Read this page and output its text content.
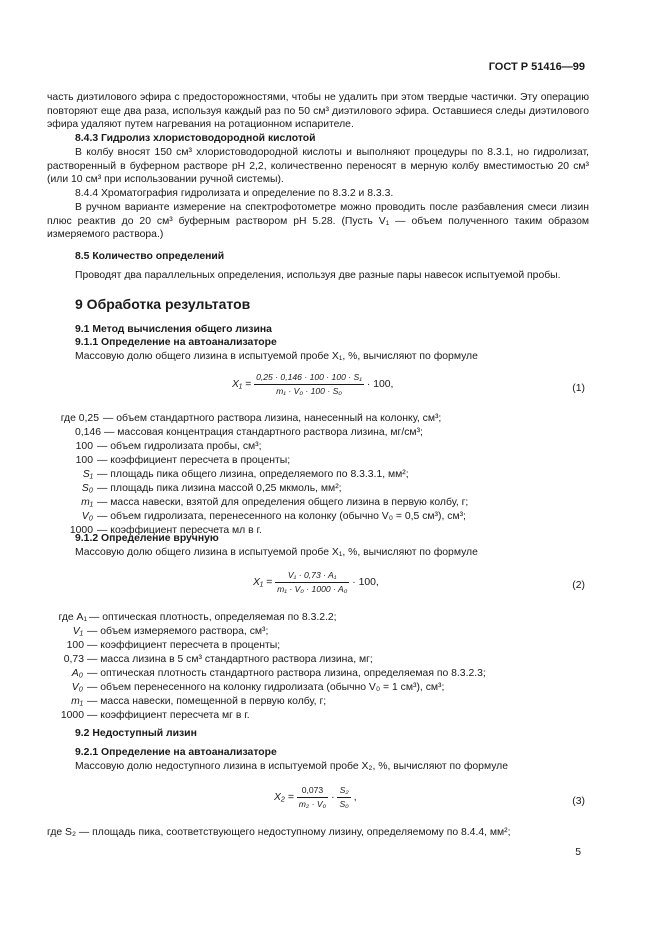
ГОСТ Р 51416—99
часть диэтилового эфира с предосторожностями, чтобы не удалить при этом твердые частички. Эту операцию повторяют еще два раза, используя каждый раз по 50 см³ диэтилового эфира. Оставшиеся следы диэтилового эфира удаляют путем нагревания на ротационном испарителе.
8.4.3 Гидролиз хлористоводородной кислотой
В колбу вносят 150 см³ хлористоводородной кислоты и выполняют процедуры по 8.3.1, но гидролизат, растворенный в буферном растворе рН 2,2, количественно переносят в мерную колбу вместимостью 20 см³ (или 10 см³ при использовании ручной системы).
8.4.4 Хроматография гидролизата и определение по 8.3.2 и 8.3.3.
В ручном варианте измерение на спектрофотометре можно проводить после разбавления смеси лизин плюс реактив до 20 см³ буферным раствором рН 5.28. (Пусть V₁ — объем полученного таким образом измеряемого раствора.)
8.5 Количество определений
Проводят два параллельных определения, используя две разные пары навесок испытуемой пробы.
9 Обработка результатов
9.1 Метод вычисления общего лизина
9.1.1 Определение на автоанализаторе
Массовую долю общего лизина в испытуемой пробе X₁, %, вычисляют по формуле
$X_1 = \frac{\text{0,25 · 0,146 · 100 · 100 · S₁}}{\text{m₁ · V₀ · 100 · S₀}} \cdot 100$,	(1)
где 0,25 — объем стандартного раствора лизина, нанесенный на колонку, см³;
0,146 — массовая концентрация стандартного раствора лизина, мг/см³;
100 — объем гидролизата пробы, см³;
100 — коэффициент пересчета в проценты;
S₁ — площадь пика общего лизина, определяемого по 8.3.3.1, мм²;
S₀ — площадь пика лизина массой 0,25 мкмоль, мм²;
m₁ — масса навески, взятой для определения общего лизина в первую колбу, г;
V₀ — объем гидролизата, перенесенного на колонку (обычно V₀ = 0,5 см³), см³;
1000 — коэффициент пересчета мл в г.
9.1.2 Определение вручную
Массовую долю общего лизина в испытуемой пробе X₁, %, вычисляют по формуле
$X_1 = \frac{\text{V₁ · 0,73 · A₁}}{\text{m₁ · V₀ · 1000 · A₀}} \cdot 100$,	(2)
где A₁ — оптическая плотность, определяемая по 8.3.2.2;
V₁ — объем измеряемого раствора, см³;
100 — коэффициент пересчета в проценты;
0,73 — масса лизина в 5 см³ стандартного раствора лизина, мг;
A₀ — оптическая плотность стандартного раствора лизина, определяемая по 8.3.2.3;
V₀ — объем перенесенного на колонку гидролизата (обычно V₀ = 1 см³), см³;
m₁ — масса навески, помещенной в первую колбу, г;
1000 — коэффициент пересчета мг в г.
9.2 Недоступный лизин
9.2.1 Определение на автоанализаторе
Массовую долю недоступного лизина в испытуемой пробе X₂, %, вычисляют по формуле
$X_2 = \frac{0,073}{\text{m₂ · V₀}} \cdot \frac{\text{S₂}}{\text{S₀}}$ ,	(3)
где S₂ — площадь пика, соответствующего недоступному лизину, определяемому по 8.4.4, мм²;
5
